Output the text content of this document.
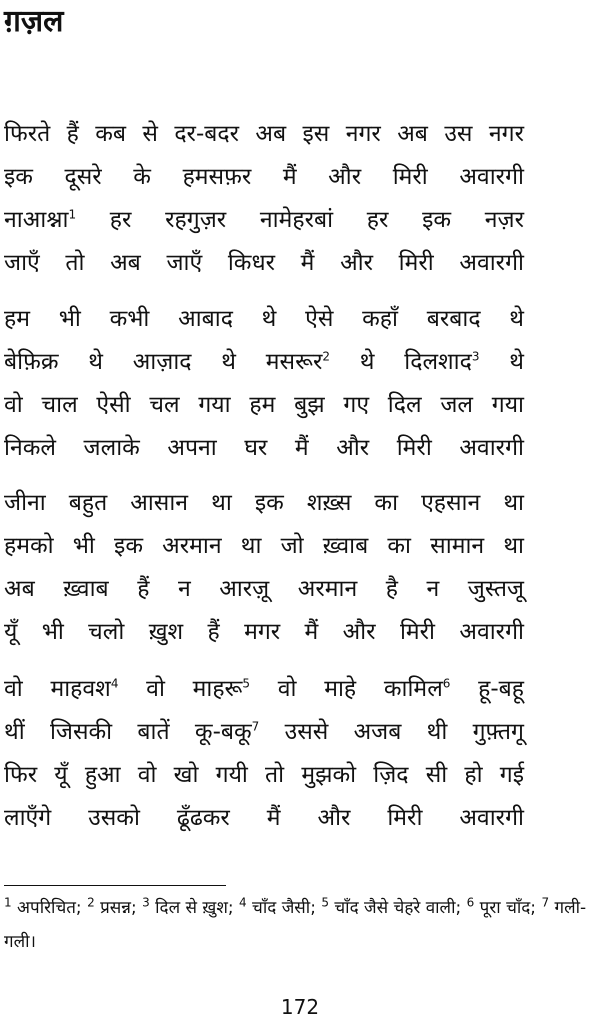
ग़ज़ल
फिरते हैं कब से दर-बदर अब इस नगर अब उस नगर
इक दूसरे के हमसफ़र मैं और मिरी अवारगी
नाआश्ना$^1$ हर रहगुज़र नामेहरबां हर इक नज़र
जाएँ तो अब जाएँ किधर मैं और मिरी अवारगी
हम भी कभी आबाद थे ऐसे कहाँ बरबाद थे
बेफ़िक्र थे आज़ाद थे मसरूर$^2$ थे दिलशाद$^3$ थे
वो चाल ऐसी चल गया हम बुझ गए दिल जल गया
निकले जलाके अपना घर मैं और मिरी अवारगी
जीना बहुत आसान था इक शख़्स का एहसान था
हमको भी इक अरमान था जो ख़्वाब का सामान था
अब ख़्वाब हैं न आरज़ू अरमान है न जुस्तजू
यूँ भी चलो ख़ुश हैं मगर मैं और मिरी अवारगी
वो माहवश$^4$ वो माहरू$^5$ वो माहे कामिल$^6$ हू-बहू
थीं जिसकी बातें कू-बकू$^7$ उससे अजब थी गुफ़्तगू
फिर यूँ हुआ वो खो गयी तो मुझको ज़िद सी हो गई
लाएँगे उसको ढूँढकर मैं और मिरी अवारगी
$^1$ अपरिचित; $^2$ प्रसन्न; $^3$ दिल से ख़ुश; $^4$ चाँद जैसी; $^5$ चाँद जैसे चेहरे वाली; $^6$ पूरा चाँद; $^7$ गली-गली।
172
